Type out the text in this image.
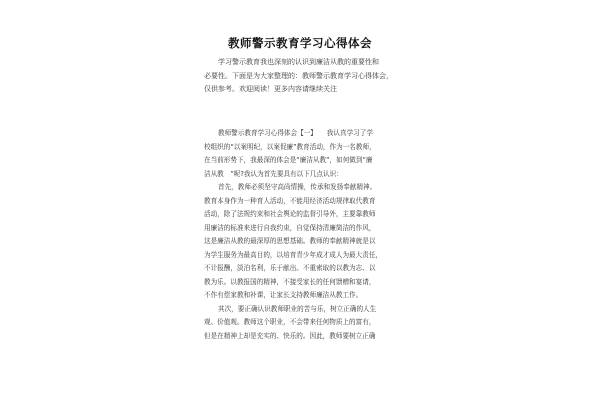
教师警示教育学习心得体会
学习警示教育我也深刻的认识到廉洁从教的重要性和
必要性。下面是为大家整理的：教师警示教育学习心得体会，
仅供参考。欢迎阅读！更多内容请继续关注
教师警示教育学习心得体会【一】　　我认真学习了学
校组织的“以案明纪，以案促廉”教育活动，作为一名教师，
在当前形势下，我最深的体会是“廉洁从教”，如何做到“廉
洁从教　”呢?我认为首先要具有以下几点认识：
首先，教师必须坚守高尚情操，传承和发扬奉献精神。
教育本身作为一种育人活动，不能用经济活动规律取代教育
活动，除了法规约束和社会舆论的监督引导外，主要靠教师
用廉洁的标准来进行自我约束，自觉保持清廉简洁的作风，
这是廉洁从教的最深厚的思想基础。教师的奉献精神就是以
为学生服务为最高目的，以培育青少年成才成人为最大责任，
不计报酬，淡泊名利，乐于献出。不重索取的以教为志、以
教为乐。以教报国的精神，不接受家长的任何馈赠和宴请，
不作有偿家教和补课，让家长支持教师廉洁从教工作。
其次，要正确认识教师职业的苦与乐，树立正确的人生
观、价值观。教师这个职业，不会带来任何物质上的富有，
但是在精神上却是充实的、快乐的。因此，教师要树立正确
